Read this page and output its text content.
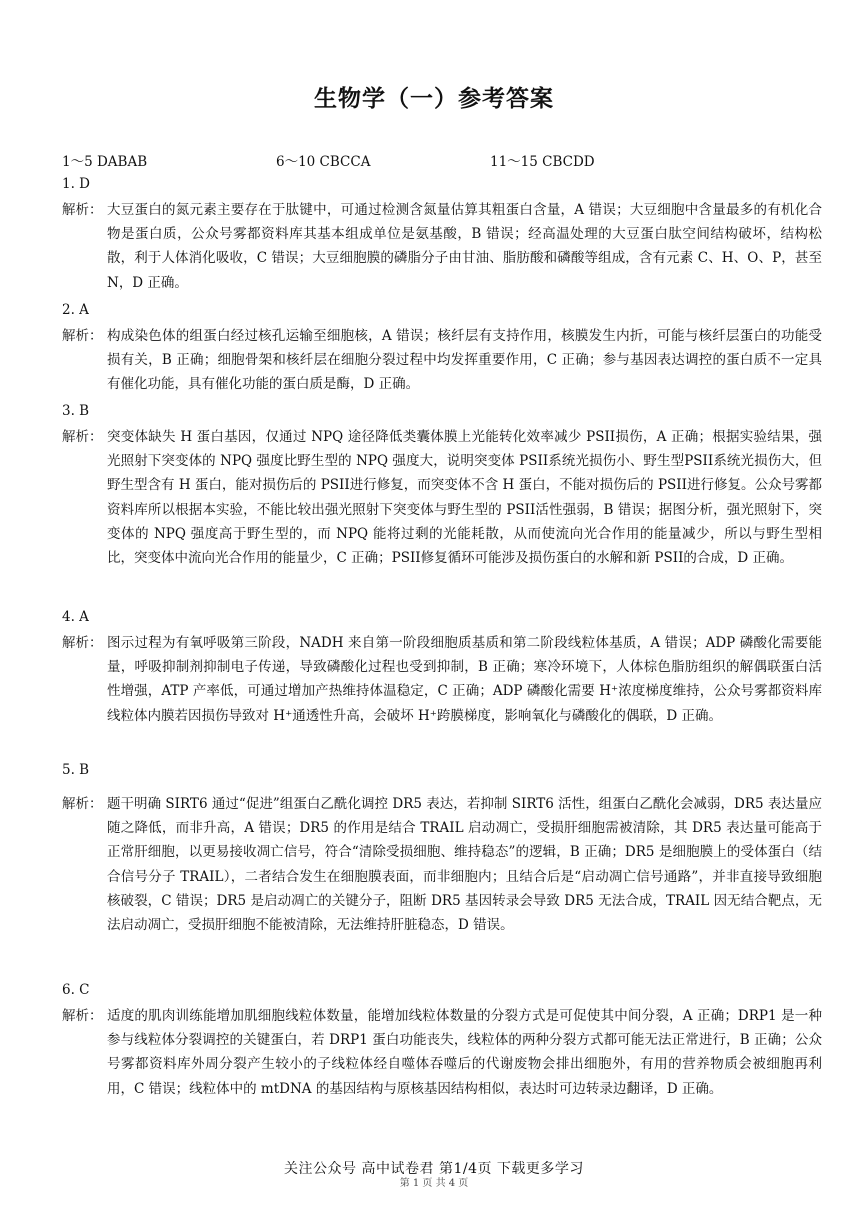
生物学（一）参考答案
1～5 DABAB	6～10 CBCCA	11～15 CBCDD
1. D
解析： 大豆蛋白的氮元素主要存在于肽键中，可通过检测含氮量估算其粗蛋白含量，A 错误；大豆细胞中含量最多的有机化合物是蛋白质，公众号雾都资料库其基本组成单位是氨基酸，B 错误；经高温处理的大豆蛋白肽空间结构破坏，结构松散，利于人体消化吸收，C 错误；大豆细胞膜的磷脂分子由甘油、脂肪酸和磷酸等组成，含有元素 C、H、O、P，甚至 N，D 正确。
2. A
解析： 构成染色体的组蛋白经过核孔运输至细胞核，A 错误；核纤层有支持作用，核膜发生内折，可能与核纤层蛋白的功能受损有关，B 正确；细胞骨架和核纤层在细胞分裂过程中均发挥重要作用，C 正确；参与基因表达调控的蛋白质不一定具有催化功能，具有催化功能的蛋白质是酶，D 正确。
3. B
解析： 突变体缺失 H 蛋白基因，仅通过 NPQ 途径降低类囊体膜上光能转化效率减少 PSII损伤，A 正确；根据实验结果，强光照射下突变体的 NPQ 强度比野生型的 NPQ 强度大，说明突变体 PSII系统光损伤小、野生型PSII系统光损伤大，但野生型含有 H 蛋白，能对损伤后的 PSII进行修复，而突变体不含 H 蛋白，不能对损伤后的 PSII进行修复。公众号雾都资料库所以根据本实验，不能比较出强光照射下突变体与野生型的 PSII活性强弱，B 错误；据图分析，强光照射下，突变体的 NPQ 强度高于野生型的，而 NPQ 能将过剩的光能耗散，从而使流向光合作用的能量减少，所以与野生型相比，突变体中流向光合作用的能量少，C 正确；PSII修复循环可能涉及损伤蛋白的水解和新 PSII的合成，D 正确。
4. A
解析： 图示过程为有氧呼吸第三阶段，NADH 来自第一阶段细胞质基质和第二阶段线粒体基质，A 错误；ADP 磷酸化需要能量，呼吸抑制剂抑制电子传递，导致磷酸化过程也受到抑制，B 正确；寒冷环境下，人体棕色脂肪组织的解偶联蛋白活性增强，ATP 产率低，可通过增加产热维持体温稳定，C 正确；ADP 磷酸化需要 H⁺浓度梯度维持，公众号雾都资料库线粒体内膜若因损伤导致对 H⁺通透性升高，会破坏 H⁺跨膜梯度，影响氧化与磷酸化的偶联，D 正确。
5. B
解析： 题干明确 SIRT6 通过“促进”组蛋白乙酰化调控 DR5 表达，若抑制 SIRT6 活性，组蛋白乙酰化会减弱，DR5 表达量应随之降低，而非升高，A 错误；DR5 的作用是结合 TRAIL 启动凋亡，受损肝细胞需被清除，其 DR5 表达量可能高于正常肝细胞，以更易接收凋亡信号，符合“清除受损细胞、维持稳态”的逻辑，B 正确；DR5 是细胞膜上的受体蛋白（结合信号分子 TRAIL），二者结合发生在细胞膜表面，而非细胞内；且结合后是“启动凋亡信号通路”，并非直接导致细胞核破裂，C 错误；DR5 是启动凋亡的关键分子，阻断 DR5 基因转录会导致 DR5 无法合成，TRAIL 因无结合靶点，无法启动凋亡，受损肝细胞不能被清除，无法维持肝脏稳态，D 错误。
6. C
解析： 适度的肌肉训练能增加肌细胞线粒体数量，能增加线粒体数量的分裂方式是可促使其中间分裂，A 正确；DRP1 是一种参与线粒体分裂调控的关键蛋白，若 DRP1 蛋白功能丧失，线粒体的两种分裂方式都可能无法正常进行，B 正确；公众号雾都资料库外周分裂产生较小的子线粒体经自噬体吞噬后的代谢废物会排出细胞外，有用的营养物质会被细胞再利用，C 错误；线粒体中的 mtDNA 的基因结构与原核基因结构相似，表达时可边转录边翻译，D 正确。
关注公众号 高中试卷君 第1/4页 下载更多学习
第 1 页 共 4 页
